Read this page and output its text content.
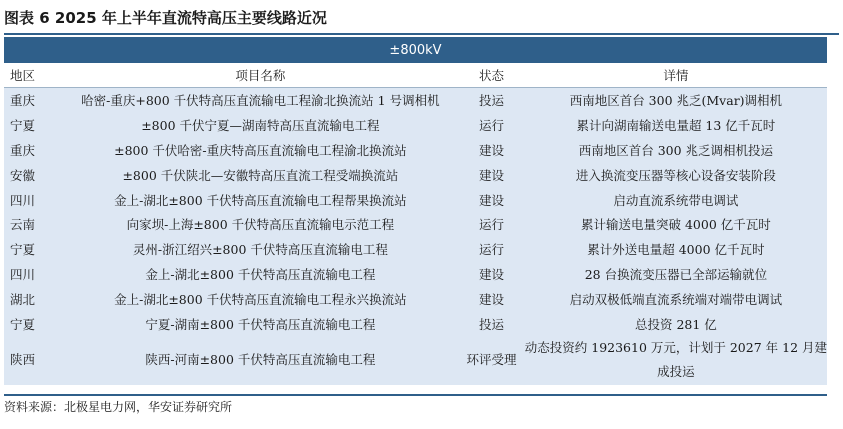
图表 6 2025 年上半年直流特高压主要线路近况
±800kV			
地区	项目名称	状态	详情
重庆	哈密-重庆+800 千伏特高压直流输电工程渝北换流站 1 号调相机	投运	西南地区首台 300 兆乏(Mvar)调相机
宁夏	±800 千伏宁夏—湖南特高压直流输电工程	运行	累计向湖南输送电量超 13 亿千瓦时
重庆	±800 千伏哈密-重庆特高压直流输电工程渝北换流站	建设	西南地区首台 300 兆乏调相机投运
安徽	±800 千伏陕北—安徽特高压直流工程受端换流站	建设	进入换流变压器等核心设备安装阶段
四川	金上-湖北±800 千伏特高压直流输电工程帮果换流站	建设	启动直流系统带电调试
云南	向家坝-上海±800 千伏特高压直流输电示范工程	运行	累计输送电量突破 4000 亿千瓦时
宁夏	灵州-浙江绍兴±800 千伏特高压直流输电工程	运行	累计外送电量超 4000 亿千瓦时
四川	金上-湖北±800 千伏特高压直流输电工程	建设	28 台换流变压器已全部运输就位
湖北	金上-湖北±800 千伏特高压直流输电工程永兴换流站	建设	启动双极低端直流系统端对端带电调试
宁夏	宁夏-湖南±800 千伏特高压直流输电工程	投运	总投资 281 亿
陕西	陕西-河南±800 千伏特高压直流输电工程	环评受理	动态投资约 1923610 万元，计划于 2027 年 12 月建成投运
资料来源：北极星电力网，华安证券研究所
